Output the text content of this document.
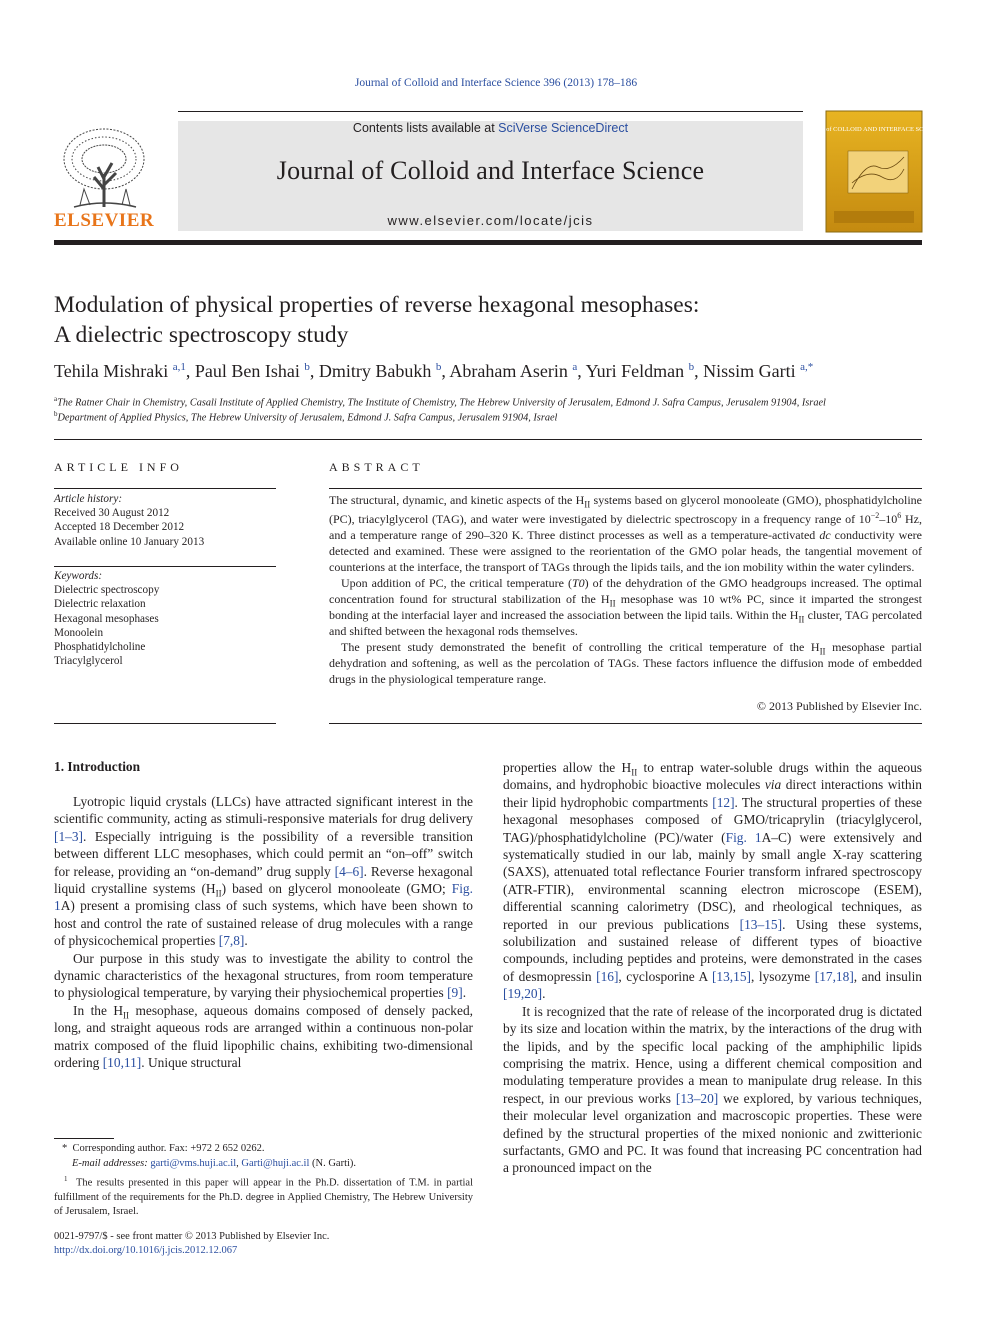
Journal of Colloid and Interface Science 396 (2013) 178–186
ELSEVIER
Contents lists available at SciVerse ScienceDirect
Journal of Colloid and Interface Science
www.elsevier.com/locate/jcis
Journal of COLLOID AND INTERFACE SCIENCE
Modulation of physical properties of reverse hexagonal mesophases:
A dielectric spectroscopy study
Tehila Mishraki $^{a,1}$, Paul Ben Ishai $^b$, Dmitry Babukh $^b$, Abraham Aserin $^a$, Yuri Feldman $^b$, Nissim Garti $^{a,*}$
$^a$The Ratner Chair in Chemistry, Casali Institute of Applied Chemistry, The Institute of Chemistry, The Hebrew University of Jerusalem, Edmond J. Safra Campus, Jerusalem 91904, Israel
$^b$Department of Applied Physics, The Hebrew University of Jerusalem, Edmond J. Safra Campus, Jerusalem 91904, Israel
ARTICLE INFO
Article history:
Received 30 August 2012
Accepted 18 December 2012
Available online 10 January 2013
Keywords:
Dielectric spectroscopy
Dielectric relaxation
Hexagonal mesophases
Monoolein
Phosphatidylcholine
Triacylglycerol
ABSTRACT

The structural, dynamic, and kinetic aspects of the $H_{II}$ systems based on glycerol monooleate (GMO), phosphatidylcholine (PC), triacylglycerol (TAG), and water were investigated by dielectric spectroscopy in a frequency range of $10^{-2}-10^6$ Hz, and a temperature range of 290–320 K. Three distinct processes as well as a temperature-activated dc conductivity were detected and examined. These were assigned to the reorientation of the GMO polar heads, the tangential movement of counterions at the interface, the transport of TAGs through the lipids tails, and the ion mobility within the water cylinders.

Upon addition of PC, the critical temperature (T0) of the dehydration of the GMO headgroups increased. The optimal concentration found for structural stabilization of the $H_{II}$ mesophase was 10 wt% PC, since it imparted the strongest bonding at the interfacial layer and increased the association between the lipid tails. Within the $H_{II}$ cluster, TAG percolated and shifted between the hexagonal rods themselves.

The present study demonstrated the benefit of controlling the critical temperature of the $H_{II}$ mesophase partial dehydration and softening, as well as the percolation of TAGs. These factors influence the diffusion mode of embedded drugs in the physiological temperature range.

© 2013 Published by Elsevier Inc.
1. Introduction

Lyotropic liquid crystals (LLCs) have attracted significant interest in the scientific community, acting as stimuli-responsive materials for drug delivery [1–3]. Especially intriguing is the possibility of a reversible transition between different LLC mesophases, which could permit an “on–off” switch for release, providing an “on-demand” drug supply [4–6]. Reverse hexagonal liquid crystalline systems $(H_{II})$ based on glycerol monooleate (GMO; Fig. 1A) present a promising class of such systems, which have been shown to host and control the rate of sustained release of drug molecules with a range of physicochemical properties [7,8].

Our purpose in this study was to investigate the ability to control the dynamic characteristics of the hexagonal structures, from room temperature to physiological temperature, by varying their physiochemical properties [9].

In the $H_{II}$ mesophase, aqueous domains composed of densely packed, long, and straight aqueous rods are arranged within a continuous non-polar matrix composed of the fluid lipophilic chains, exhibiting two-dimensional ordering [10,11]. Unique structural

properties allow the $H_{II}$ to entrap water-soluble drugs within the aqueous domains, and hydrophobic bioactive molecules via direct interactions within their lipid hydrophobic compartments [12]. The structural properties of these hexagonal mesophases composed of GMO/tricaprylin (triacylglycerol, TAG)/phosphatidylcholine (PC)/water (Fig. 1A–C) were extensively and systematically studied in our lab, mainly by small angle X-ray scattering (SAXS), attenuated total reflectance Fourier transform infrared spectroscopy (ATR-FTIR), environmental scanning electron microscope (ESEM), differential scanning calorimetry (DSC), and rheological techniques, as reported in our previous publications [13–15]. Using these systems, solubilization and sustained release of different types of bioactive compounds, including peptides and proteins, were demonstrated in the cases of desmopressin [16], cyclosporine A [13,15], lysozyme [17,18], and insulin [19,20].

It is recognized that the rate of release of the incorporated drug is dictated by its size and location within the matrix, by the interactions of the drug with the lipids, and by the specific local packing of the amphiphilic lipids comprising the matrix. Hence, using a different chemical composition and modulating temperature provides a mean to manipulate drug release. In this respect, in our previous works [13–20] we explored, by various techniques, their molecular level organization and macroscopic properties. These were defined by the structural properties of the mixed nonionic and zwitterionic surfactants, GMO and PC. It was found that increasing PC concentration had a pronounced impact on the

* Corresponding author. Fax: +972 2 652 0262.
E-mail addresses: garti@vms.huji.ac.il, Garti@huji.ac.il (N. Garti).
$^1$ The results presented in this paper will appear in the Ph.D. dissertation of T.M. in partial fulfillment of the requirements for the Ph.D. degree in Applied Chemistry, The Hebrew University of Jerusalem, Israel.
0021-9797/$ - see front matter © 2013 Published by Elsevier Inc.
http://dx.doi.org/10.1016/j.jcis.2012.12.067
